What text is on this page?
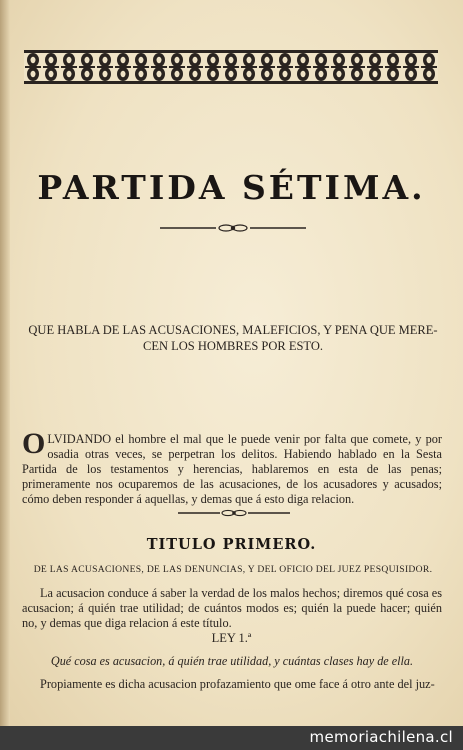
PARTIDA SÉTIMA.
QUE HABLA DE LAS ACUSACIONES, MALEFICIOS, Y PENA QUE MERE- CEN LOS HOMBRES POR ESTO.
OLVIDANDO el hombre el mal que le puede venir por falta que comete, y por osadia otras veces, se perpetran los delitos. Habiendo hablado en la Sesta Partida de los testamentos y herencias, hablaremos en esta de las penas; primeramente nos ocuparemos de las acusaciones, de los acusadores y acusados; cómo deben responder á aquellas, y demas que á esto diga relacion.
TITULO PRIMERO.
DE LAS ACUSACIONES, DE LAS DENUNCIAS, Y DEL OFICIO DEL JUEZ PESQUISIDOR.
La acusacion conduce á saber la verdad de los malos hechos; diremos qué cosa es acusacion; á quién trae utilidad; de cuántos modos es; quién la puede hacer; quién no, y demas que diga relacion á este título.
LEY 1.ª
Qué cosa es acusacion, á quién trae utilidad, y cuántas clases hay de ella.
Propiamente es dicha acusacion profazamiento que ome face á otro ante del juz-
memoriachilena.cl
